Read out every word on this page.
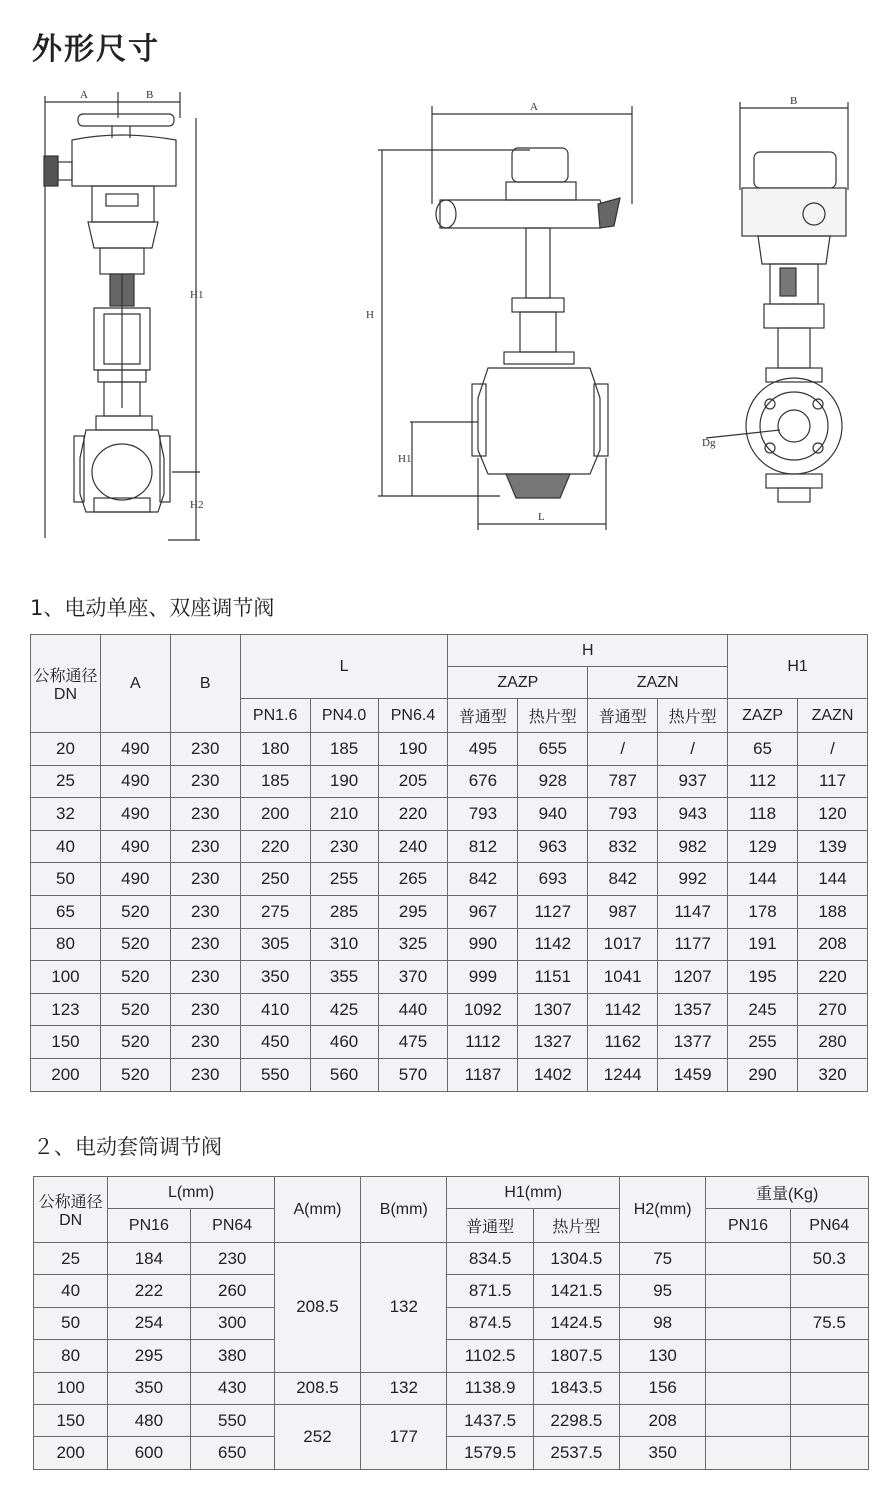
外形尺寸
A	B
H1
H2
A
H
H1
L
B
Dg
1、电动单座、双座调节阀
公称通径DN	A	B	L			H				H1	
						ZAZP		ZAZN			
			PN1.6	PN4.0	PN6.4	普通型	热片型	普通型	热片型	ZAZP	ZAZN
20	490	230	180	185	190	495	655	/	/	65	/
25	490	230	185	190	205	676	928	787	937	112	117
32	490	230	200	210	220	793	940	793	943	118	120
40	490	230	220	230	240	812	963	832	982	129	139
50	490	230	250	255	265	842	693	842	992	144	144
65	520	230	275	285	295	967	1127	987	1147	178	188
80	520	230	305	310	325	990	1142	1017	1177	191	208
100	520	230	350	355	370	999	1151	1041	1207	195	220
123	520	230	410	425	440	1092	1307	1142	1357	245	270
150	520	230	450	460	475	1112	1327	1162	1377	255	280
200	520	230	550	560	570	1187	1402	1244	1459	290	320
２、电动套筒调节阀
公称通径DN	L(mm)		A(mm)	B(mm)	H1(mm)		H2(mm)	重量(Kg)	
	PN16	PN64			普通型	热片型		PN16	PN64
25	184	230	208.5	132	834.5	1304.5	75		50.3
40	222	260			871.5	1421.5	95		
50	254	300			874.5	1424.5	98		75.5
80	295	380			1102.5	1807.5	130		
100	350	430	208.5	132	1138.9	1843.5	156		
150	480	550	252	177	1437.5	2298.5	208		
200	600	650			1579.5	2537.5	350		
